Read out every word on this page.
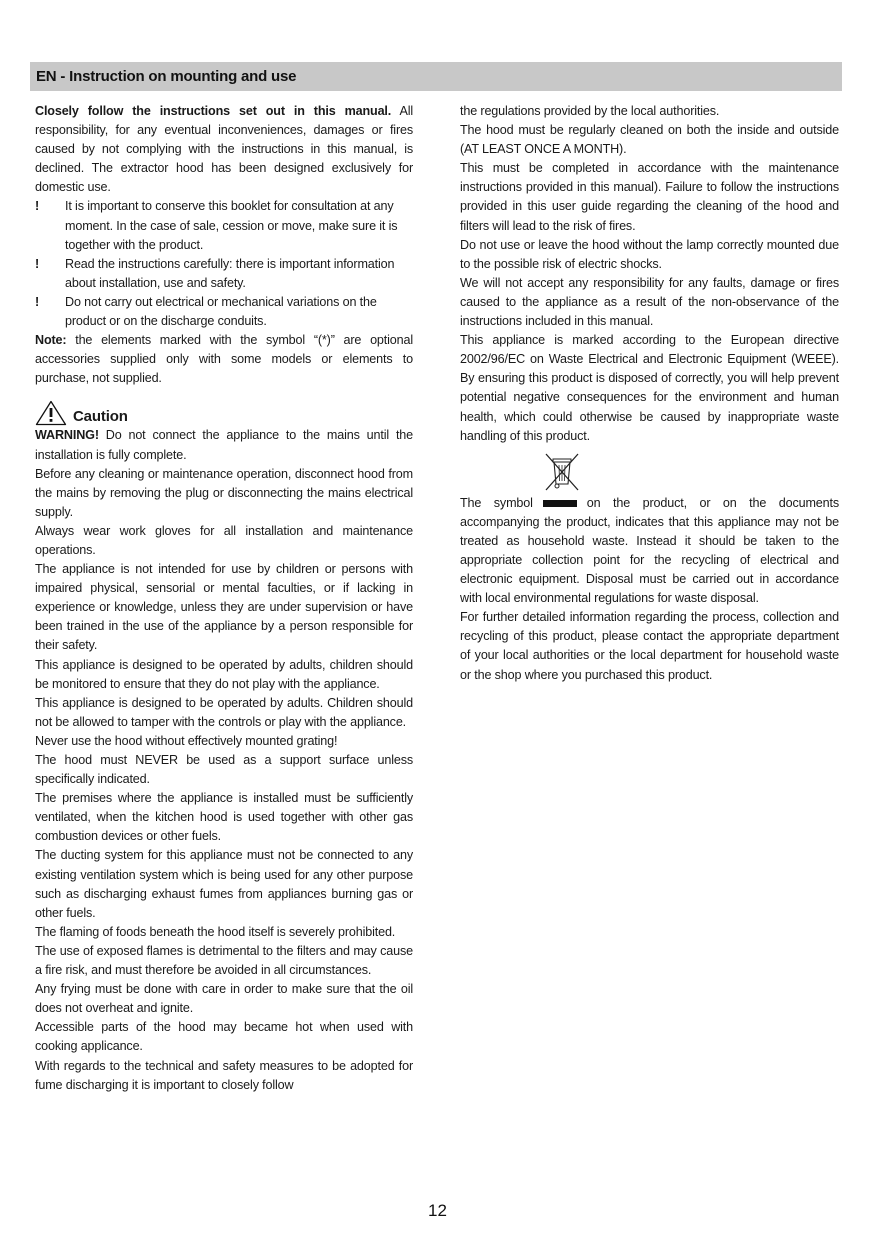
EN - Instruction on mounting and use

Closely follow the instructions set out in this manual. All responsibility, for any eventual inconveniences, damages or fires caused by not complying with the instructions in this manual, is declined. The extractor hood has been designed exclusively for domestic use.

!	It is important to conserve this booklet for consultation at any moment. In the case of sale, cession or move, make sure it is together with the product.
!	Read the instructions carefully: there is important information about installation, use and safety.
!	Do not carry out electrical or mechanical variations on the product or on the discharge conduits.

Note: the elements marked with the symbol “(*)” are optional accessories supplied only with some models or elements to purchase, not supplied.

Caution

WARNING! Do not connect the appliance to the mains until the installation is fully complete.

Before any cleaning or maintenance operation, disconnect hood from the mains by removing the plug or disconnecting the mains electrical supply.

Always wear work gloves for all installation and maintenance operations.

The appliance is not intended for use by children or persons with impaired physical, sensorial or mental faculties, or if lacking in experience or knowledge, unless they are under supervision or have been trained in the use of the appliance by a person responsible for their safety.

This appliance is designed to be operated by adults, children should be monitored to ensure that they do not play with the appliance.

This appliance is designed to be operated by adults. Children should not be allowed to tamper with the controls or play with the appliance.

Never use the hood without effectively mounted grating!

The hood must NEVER be used as a support surface unless specifically indicated.

The premises where the appliance is installed must be sufficiently ventilated, when the kitchen hood is used together with other gas combustion devices or other fuels.

The ducting system for this appliance must not be connected to any existing ventilation system which is being used for any other purpose such as discharging exhaust fumes from appliances burning gas or other fuels.

The flaming of foods beneath the hood itself is severely prohibited.

The use of exposed flames is detrimental to the filters and may cause a fire risk, and must therefore be avoided in all circumstances.

Any frying must be done with care in order to make sure that the oil does not overheat and ignite.

Accessible parts of the hood may became hot when used with cooking applicance.

With regards to the technical and safety measures to be adopted for fume discharging it is important to closely follow

the regulations provided by the local authorities.

The hood must be regularly cleaned on both the inside and outside (AT LEAST ONCE A MONTH).

This must be completed in accordance with the maintenance instructions provided in this manual). Failure to follow the instructions provided in this user guide regarding the cleaning of the hood and filters will lead to the risk of fires.

Do not use or leave the hood without the lamp correctly mounted due to the possible risk of electric shocks.

We will not accept any responsibility for any faults, damage or fires caused to the appliance as a result of the non-observance of the instructions included in this manual.

This appliance is marked according to the European directive 2002/96/EC on Waste Electrical and Electronic Equipment (WEEE). By ensuring this product is disposed of correctly, you will help prevent potential negative consequences for the environment and human health, which could otherwise be caused by inappropriate waste handling of this product.

The symbol	on the product, or on the documents accompanying the product, indicates that this appliance may not be treated as household waste. Instead it should be taken to the appropriate collection point for the recycling of electrical and electronic equipment. Disposal must be carried out in accordance with local environmental regulations for waste disposal.

For further detailed information regarding the process, collection and recycling of this product, please contact the appropriate department of your local authorities or the local department for household waste or the shop where you purchased this product.

12
